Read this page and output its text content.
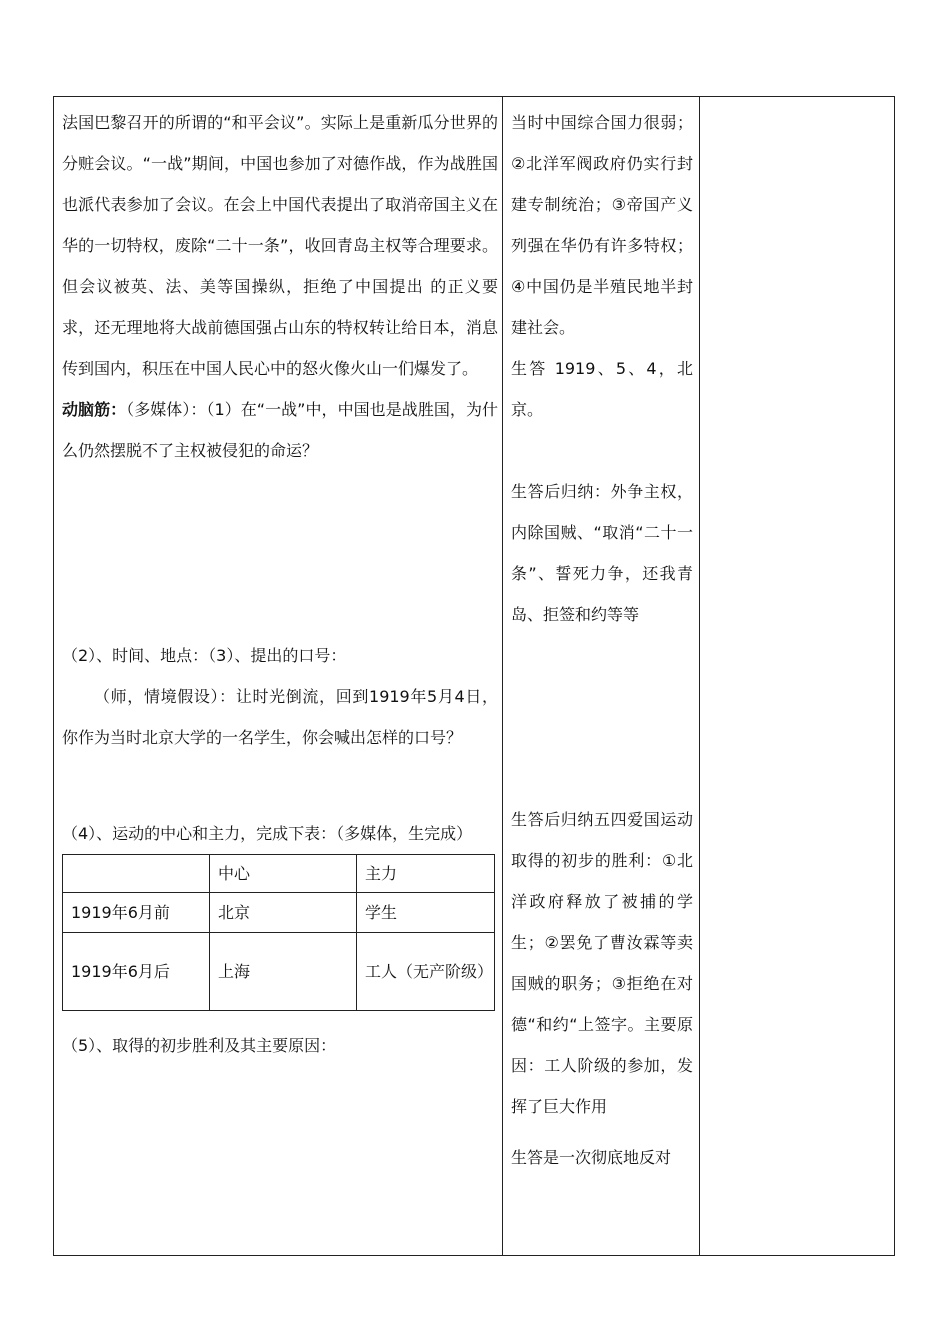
法国巴黎召开的所谓的“和平会议”。实际上是重新瓜分世界的分赃会议。“一战”期间，中国也参加了对德作战，作为战胜国也派代表参加了会议。在会上中国代表提出了取消帝国主义在华的一切特权，废除“二十一条”，收回青岛主权等合理要求。但会议被英、法、美等国操纵，拒绝了中国提出 的正义要求，还无理地将大战前德国强占山东的特权转让给日本，消息传到国内，积压在中国人民心中的怒火像火山一们爆发了。

动脑筋：（多媒体）：（1）在“一战”中，中国也是战胜国，为什么仍然摆脱不了主权被侵犯的命运？

（2）、时间、地点：（3）、提出的口号：

（师，情境假设）：让时光倒流，回到1919年5月4日，你作为当时北京大学的一名学生，你会喊出怎样的口号？

（4）、运动的中心和主力，完成下表：（多媒体，生完成）

	中心	主力
1919年6月前	北京	学生
1919年6月后	上海	工人（无产阶级）

（5）、取得的初步胜利及其主要原因：

当时中国综合国力很弱；②北洋军阀政府仍实行封建专制统治；③帝国产义列强在华仍有许多特权；④中国仍是半殖民地半封建社会。

生答 1919、5、4，北京。

生答后归纳：外争主权，内除国贼、“取消“二十一条”、誓死力争，还我青岛、拒签和约等等

生答后归纳五四爱国运动取得的初步的胜利：①北洋政府释放了被捕的学生；②罢免了曹汝霖等卖国贼的职务；③拒绝在对德“和约“上签字。主要原因：工人阶级的参加，发挥了巨大作用

生答是一次彻底地反对
